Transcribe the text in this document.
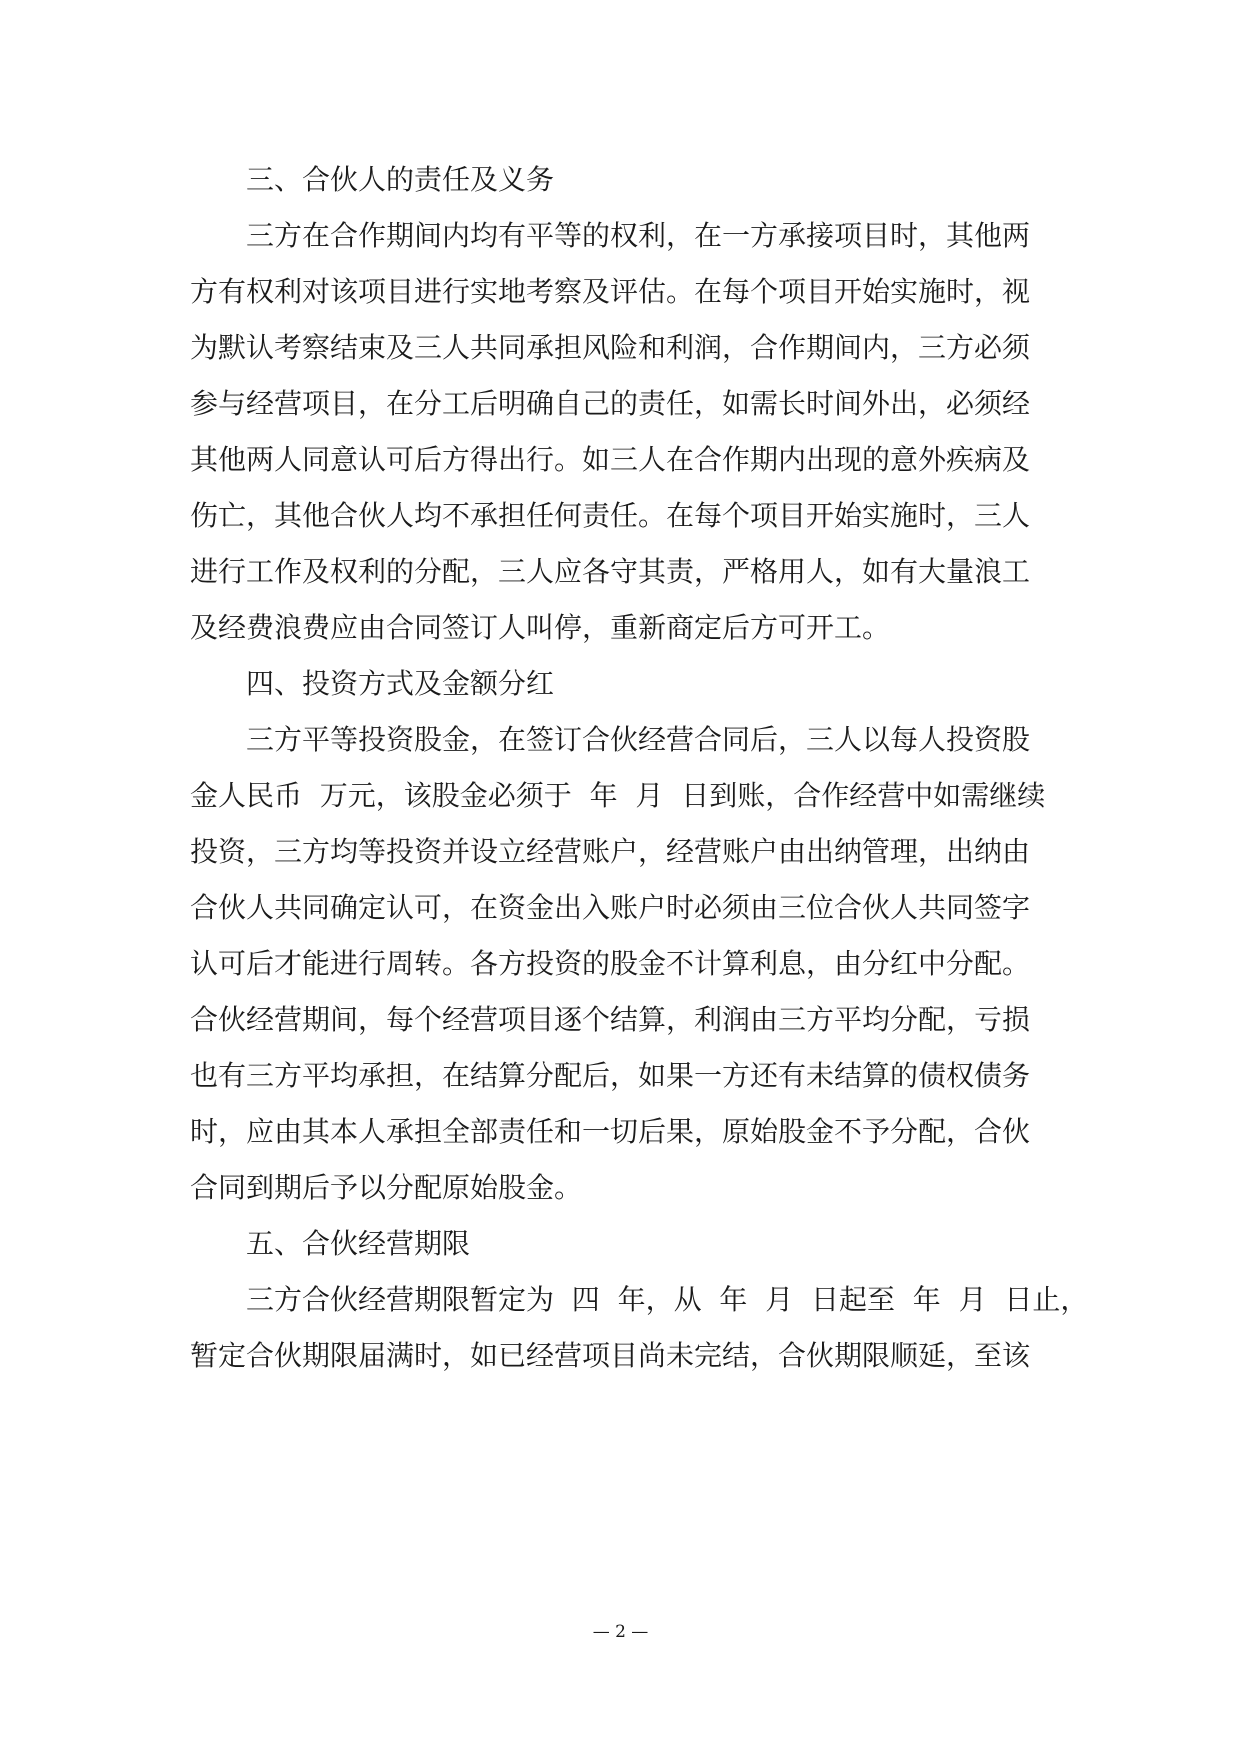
三、合伙人的责任及义务

三方在合作期间内均有平等的权利，在一方承接项目时，其他两

方有权利对该项目进行实地考察及评估。在每个项目开始实施时，视

为默认考察结束及三人共同承担风险和利润，合作期间内，三方必须

参与经营项目，在分工后明确自己的责任，如需长时间外出，必须经

其他两人同意认可后方得出行。如三人在合作期内出现的意外疾病及

伤亡，其他合伙人均不承担任何责任。在每个项目开始实施时，三人

进行工作及权利的分配，三人应各守其责，严格用人，如有大量浪工

及经费浪费应由合同签订人叫停，重新商定后方可开工。

四、投资方式及金额分红

三方平等投资股金，在签订合伙经营合同后，三人以每人投资股

金人民币  万元，该股金必须于  年  月  日到账，合作经营中如需继续

投资，三方均等投资并设立经营账户，经营账户由出纳管理，出纳由

合伙人共同确定认可，在资金出入账户时必须由三位合伙人共同签字

认可后才能进行周转。各方投资的股金不计算利息，由分红中分配。

合伙经营期间，每个经营项目逐个结算，利润由三方平均分配，亏损

也有三方平均承担，在结算分配后，如果一方还有未结算的债权债务

时，应由其本人承担全部责任和一切后果，原始股金不予分配，合伙

合同到期后予以分配原始股金。

五、合伙经营期限

三方合伙经营期限暂定为  四  年，从  年  月  日起至  年  月  日止，

暂定合伙期限届满时，如已经营项目尚未完结，合伙期限顺延，至该

— 2 —
